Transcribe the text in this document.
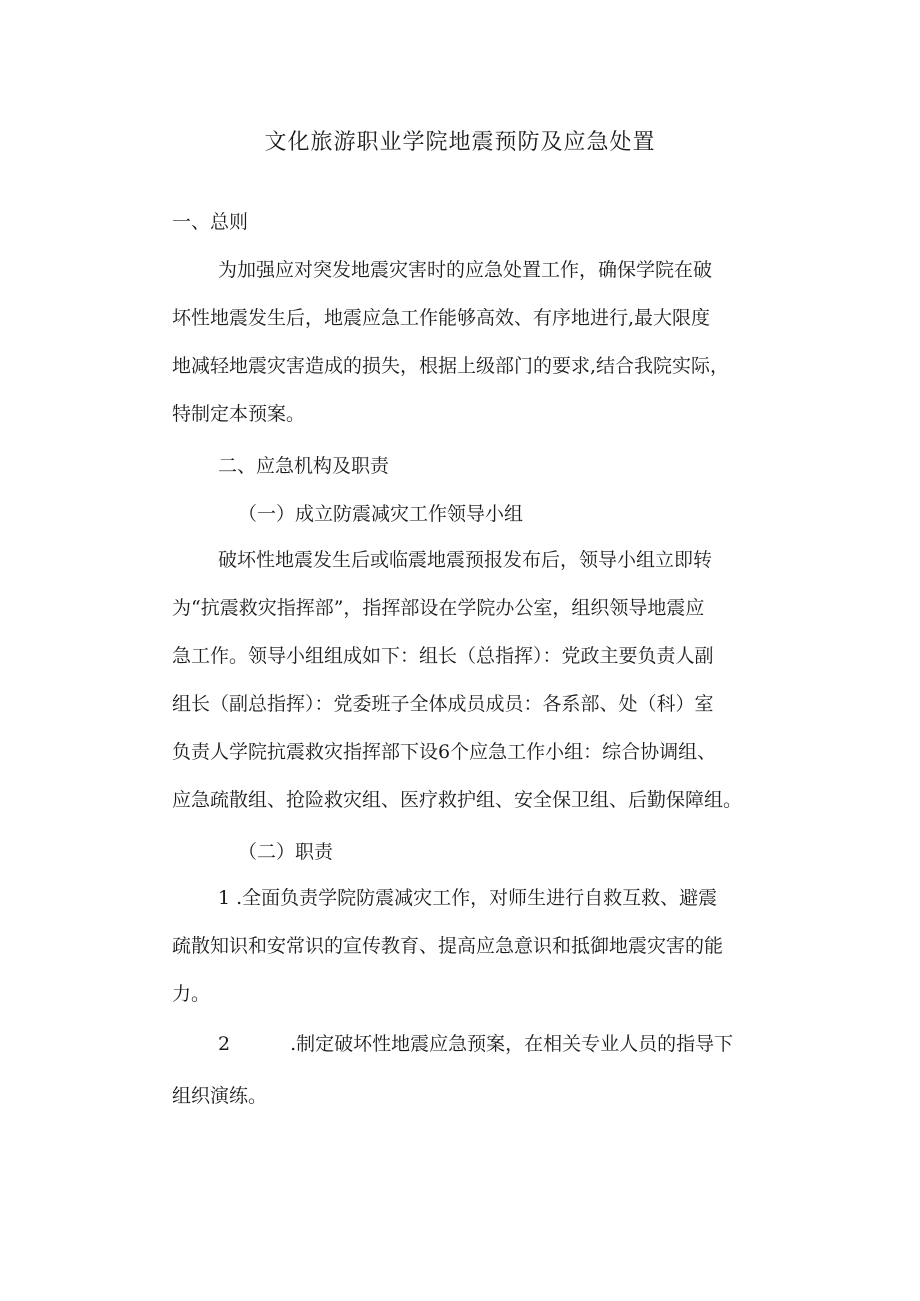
文化旅游职业学院地震预防及应急处置
一、总则
为加强应对突发地震灾害时的应急处置工作，确保学院在破
坏性地震发生后，地震应急工作能够高效、有序地进行,最大限度
地减轻地震灾害造成的损失，根据上级部门的要求,结合我院实际，
特制定本预案。
二、应急机构及职责
（一）成立防震减灾工作领导小组
破坏性地震发生后或临震地震预报发布后，领导小组立即转
为“抗震救灾指挥部”，指挥部设在学院办公室，组织领导地震应
急工作。领导小组组成如下：组长（总指挥）：党政主要负责人副
组长（副总指挥）：党委班子全体成员成员：各系部、处（科）室
负责人学院抗震救灾指挥部下设6个应急工作小组：综合协调组、
应急疏散组、抢险救灾组、医疗救护组、安全保卫组、后勤保障组。
（二）职责
1 .全面负责学院防震减灾工作，对师生进行自救互救、避震
疏散知识和安常识的宣传教育、提高应急意识和抵御地震灾害的能
力。
2	.制定破坏性地震应急预案，在相关专业人员的指导下
组织演练。
